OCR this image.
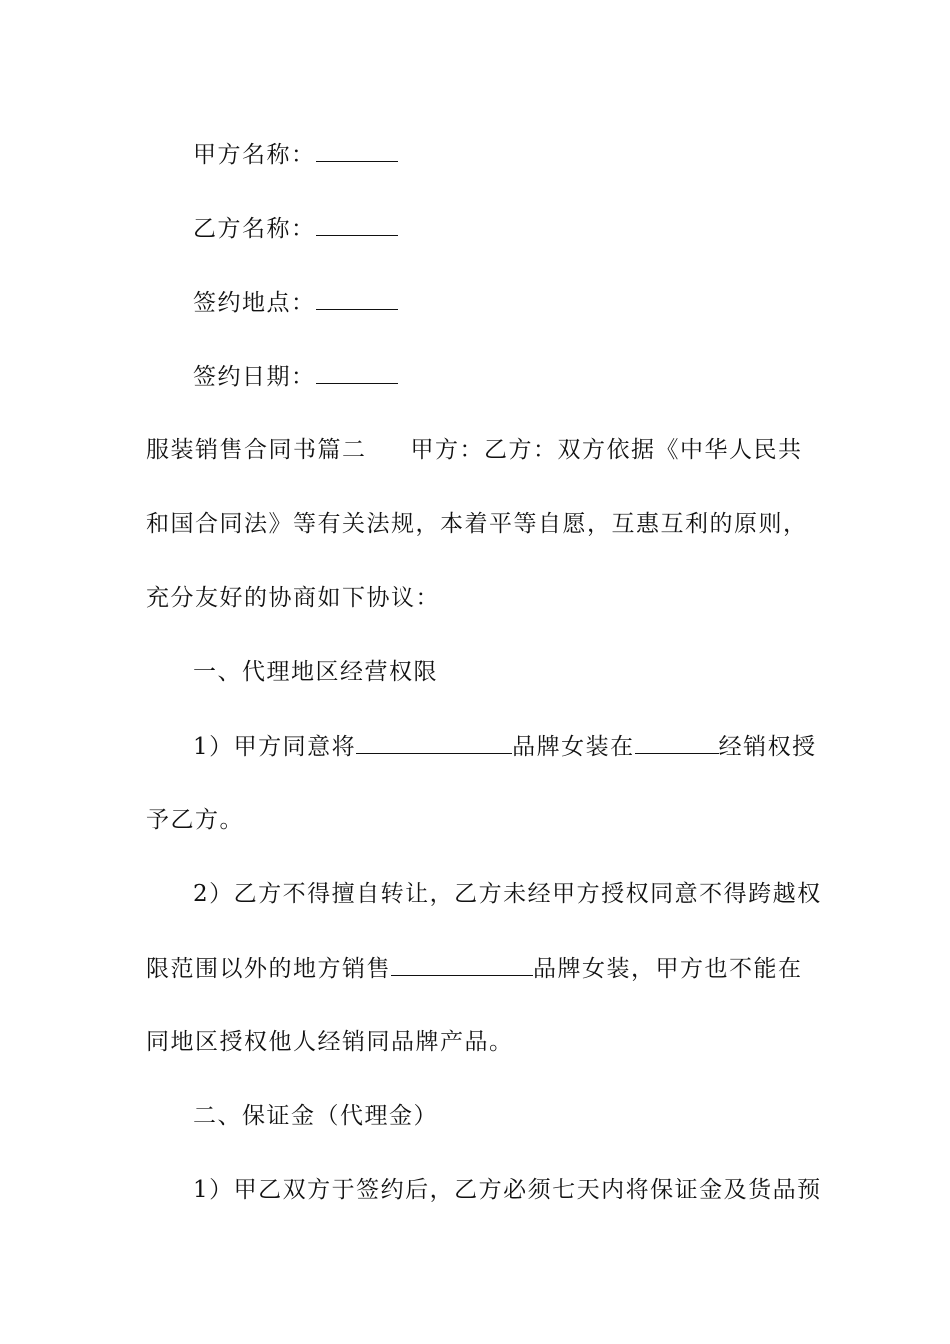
甲方名称：
乙方名称：
签约地点：
签约日期：
服装销售合同书篇二 甲方：乙方：双方依据《中华人民共
和国合同法》等有关法规，本着平等自愿，互惠互利的原则，
充分友好的协商如下协议：
一、代理地区经营权限
1）甲方同意将	品牌女装在	经销权授
予乙方。
2）乙方不得擅自转让，乙方未经甲方授权同意不得跨越权
限范围以外的地方销售	品牌女装，甲方也不能在
同地区授权他人经销同品牌产品。
二、保证金（代理金）
1）甲乙双方于签约后，乙方必须七天内将保证金及货品预
